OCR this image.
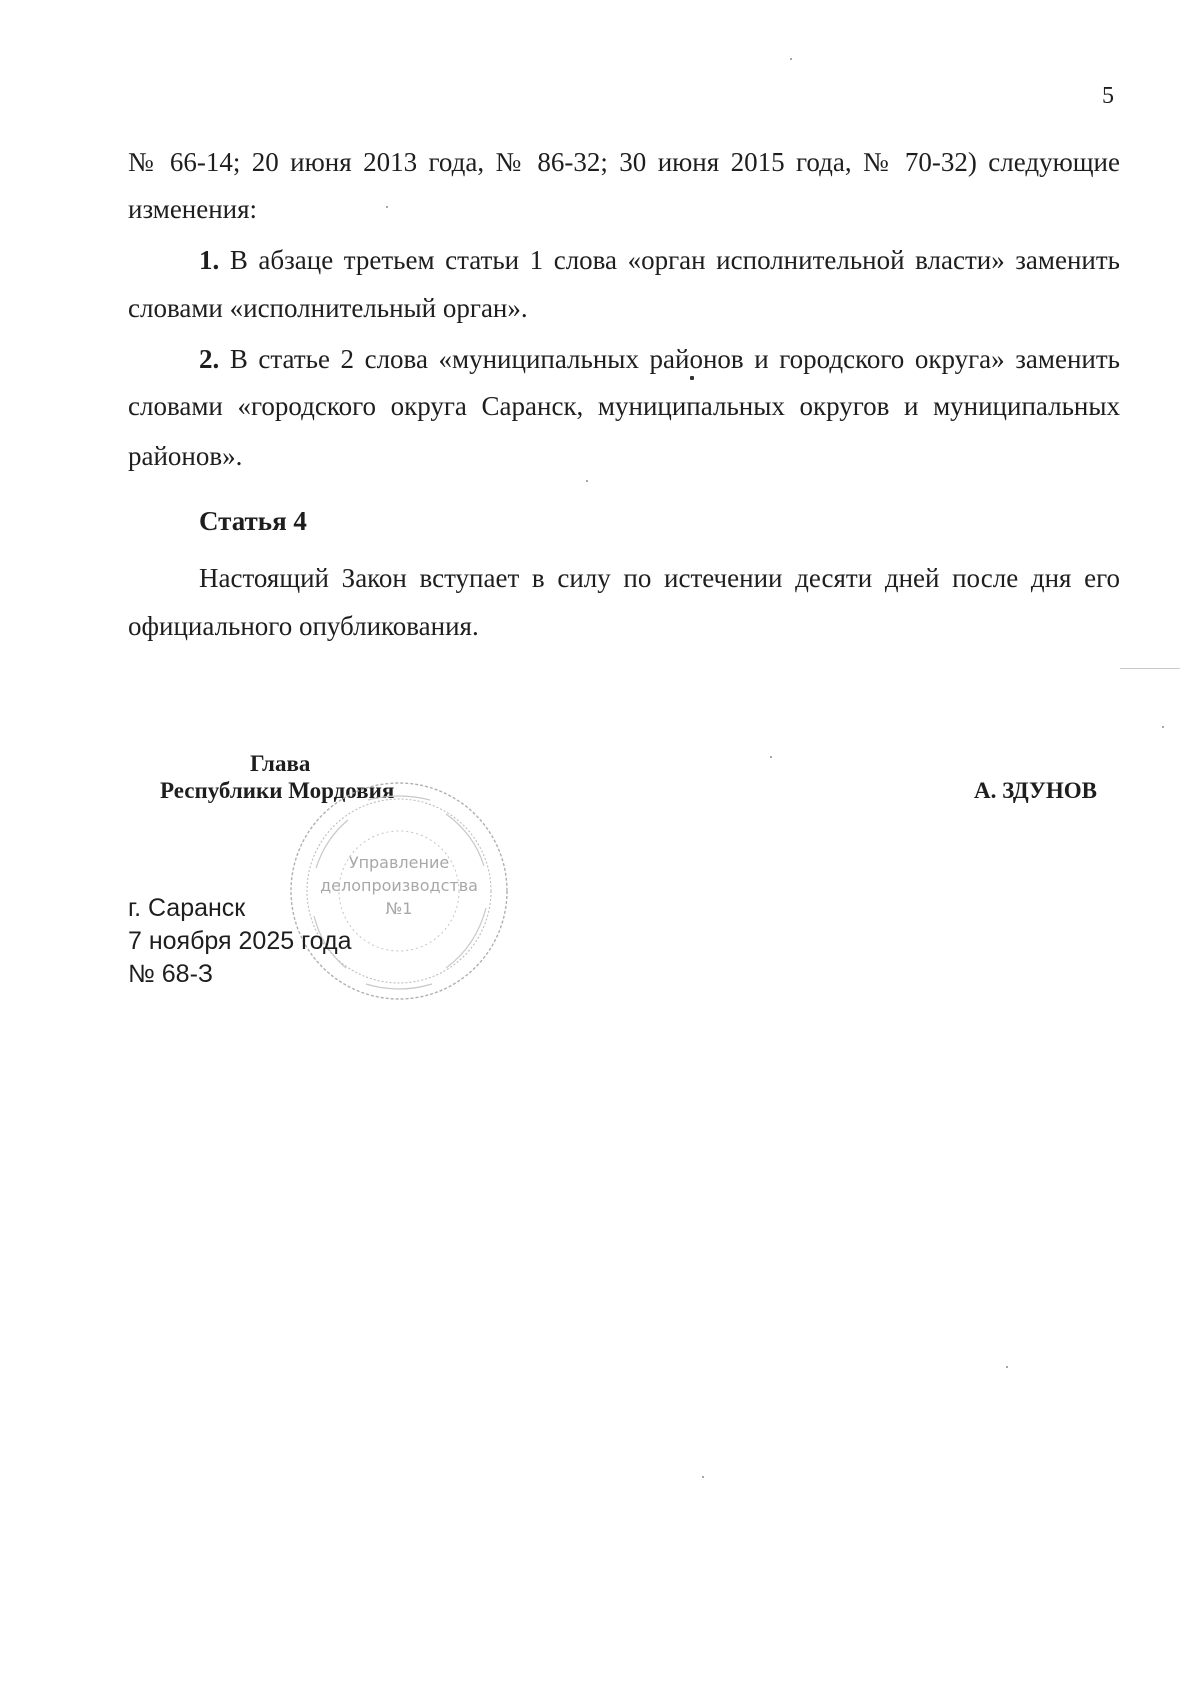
5
№ 66-14; 20 июня 2013 года, № 86-32; 30 июня 2015 года, № 70-32) следующие
изменения:
1. В абзаце третьем статьи 1 слова «орган исполнительной власти» заменить
словами «исполнительный орган».
2. В статье 2 слова «муниципальных районов и городского округа» заменить
словами «городского округа Саранск, муниципальных округов и муниципальных
районов».
Статья 4
Настоящий Закон вступает в силу по истечении десяти дней после дня его
официального опубликования.
Глава
Республики Мордовия	А. ЗДУНОВ
Управление
делопроизводства
№1
г. Саранск
7 ноября 2025 года
№ 68-З
